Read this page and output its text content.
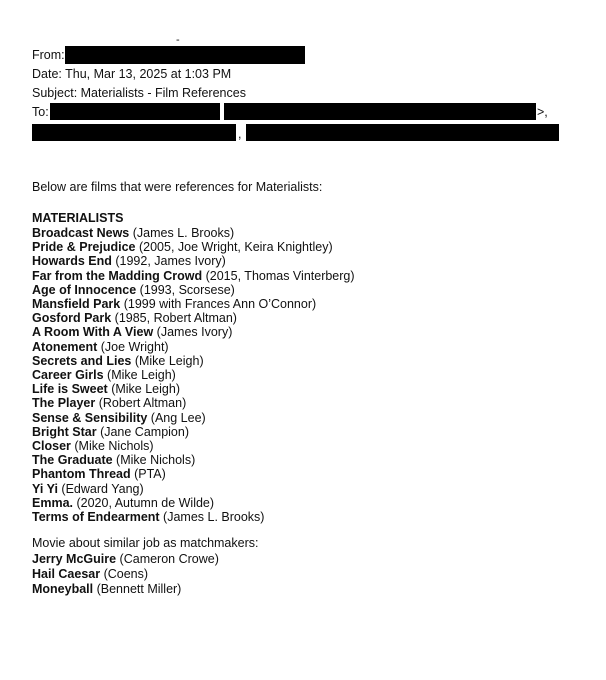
From:
-
Date: Thu, Mar 13, 2025 at 1:03 PM
Subject: Materialists - Film References
To:	>,
,
Below are films that were references for Materialists:
MATERIALISTS
Broadcast News (James L. Brooks)
Pride & Prejudice (2005, Joe Wright, Keira Knightley)
Howards End (1992, James Ivory)
Far from the Madding Crowd (2015, Thomas Vinterberg)
Age of Innocence (1993, Scorsese)
Mansfield Park (1999 with Frances Ann O’Connor)
Gosford Park (1985, Robert Altman)
A Room With A View (James Ivory)
Atonement (Joe Wright)
Secrets and Lies (Mike Leigh)
Career Girls (Mike Leigh)
Life is Sweet (Mike Leigh)
The Player (Robert Altman)
Sense & Sensibility (Ang Lee)
Bright Star (Jane Campion)
Closer (Mike Nichols)
The Graduate (Mike Nichols)
Phantom Thread (PTA)
Yi Yi (Edward Yang)
Emma. (2020, Autumn de Wilde)
Terms of Endearment (James L. Brooks)
Movie about similar job as matchmakers:
Jerry McGuire (Cameron Crowe)
Hail Caesar (Coens)
Moneyball (Bennett Miller)
